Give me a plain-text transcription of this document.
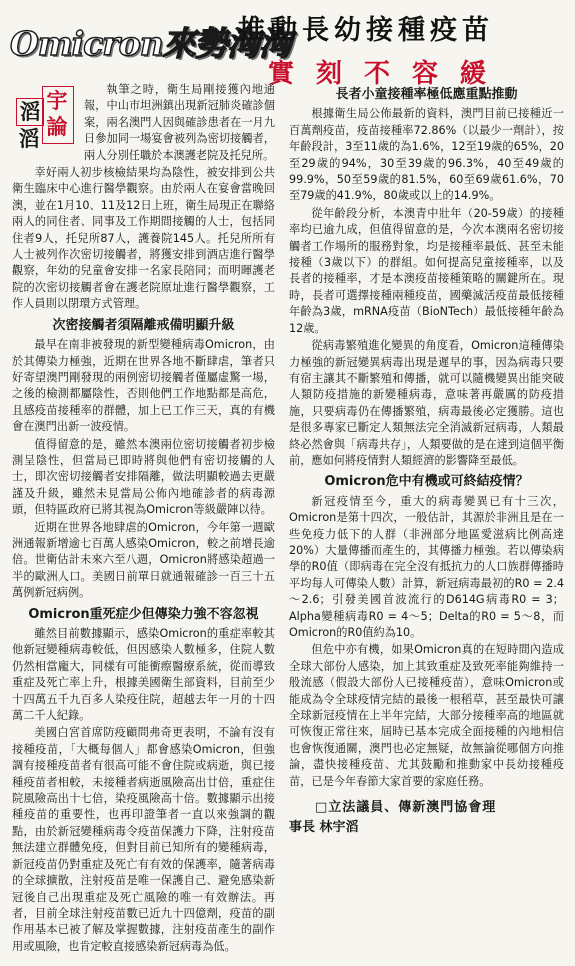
Omicron來勢洶洶
推動長幼接種疫苗
實刻不容緩
滔 宇
滔 論

執筆之時，衛生局剛接獲內地通報，中山市坦洲鎮出現新冠肺炎確診個案，兩名澳門人因與確診患者在一月九日參加同一場宴會被列為密切接觸者，兩人分別任職於本澳護老院及托兒所。

幸好兩人初步核檢結果均為陰性，被安排到公共衛生臨床中心進行醫學觀察。由於兩人在宴會當晚回澳，並在1月10、11及12日上班，衛生局現正在聯絡兩人的同住者、同事及工作期間接觸的人士，包括同住者9人，托兒所87人，護養院145人。托兒所所有人士被列作次密切接觸者，將獲安排到酒店進行醫學觀察，年幼的兒童會安排一名家長陪同；而明暉護老院的次密切接觸者會在護老院原址進行醫學觀察，工作人員則以閉環方式管理。

次密接觸者須隔離戒備明顯升級

最早在南非被發現的新型變種病毒Omicron，由於其傳染力極強，近期在世界各地不斷肆虐，筆者只好寄望澳門剛發現的兩例密切接觸者僅屬虛驚一場，之後的檢測都屬陰性，否則他們工作地點都是高危，且感疫苗接種率的群體，加上已工作三天，真的有機會在澳門出新一波疫情。

值得留意的是，雖然本澳兩位密切接觸者初步檢測呈陰性，但當局已即時將與他們有密切接觸的人士，即次密切接觸者安排隔離，做法明顯較過去更嚴謹及升級，雖然未見當局公佈內地確診者的病毒源頭，但特區政府已將其視為Omicron等級嚴陣以待。

近期在世界各地肆虐的Omicron，今年第一週歐洲通報新增逾七百萬人感染Omicron，較之前增長逾倍。世衛估計未來六至八週，Omicron將感染超過一半的歐洲人口。美國日前單日就通報確診一百三十五萬例新冠病例。

Omicron重死症少但傳染力強不容忽視

雖然目前數據顯示，感染Omicron的重症率較其他新冠變種病毒較低，但因感染人數極多，住院人數仍然相當龐大，同樣有可能衝瘵醫療系統，從而導致重症及死亡率上升，根據美國衛生部資料，目前至少十四萬五千九百多人染疫住院，超越去年一月的十四萬二千人紀錄。

美國白宮首席防疫顧問弗奇更表明，不論有沒有接種疫苗，「大概每個人」都會感染Omicron，但強調有接種疫苗者有很高可能不會住院或病逝，與已接種疫苗者相較，未接種者病逝風險高出廿倍，重症住院風險高出十七倍，染疫風險高十倍。數據顯示出接種疫苗的重要性，也再印證筆者一直以來強調的觀點，由於新冠變種病毒令疫苗保護力下降，注射疫苗無法建立群體免疫，但對目前已知所有的變種病毒，新冠疫苗仍對重症及死亡有有效的保護率，隨著病毒的全球擴散，注射疫苗是唯一保護自己、避免感染新冠後自己出現重症及死亡風險的唯一有效辦法。再者，目前全球注射疫苗數已近九十四億劑，疫苗的副作用基本已被了解及掌握數據，注射疫苗產生的副作用或風險，也肯定較直接感染新冠病毒為低。

長者小童接種率極低應重點推動

根據衛生局公佈最新的資料，澳門目前已接種近一百萬劑疫苗，疫苗接種率72.86%（以最少一劑計），按年齡段計，3至11歲的為1.6%，12至19歲的65%，20至29歲的94%，30至39歲的96.3%，40至49歲的99.9%，50至59歲的81.5%，60至69歲61.6%，70至79歲的41.9%，80歲或以上的14.9%。

從年齡段分析，本澳青中壯年（20-59歲）的接種率均已逾九成，但值得留意的是，今次本澳兩名密切接觸者工作場所的服務對象，均是接種率最低、甚至未能接種（3歲以下）的群組。如何提高兒童接種率，以及長者的接種率，才是本澳疫苗接種策略的關鍵所在。現時，長者可選擇接種兩種疫苗，國藥滅活疫苗最低接種年齡為3歲，mRNA疫苗（BioNTech）最低接種年齡為12歲。

從病毒繁殖進化變異的角度看，Omicron這種傳染力極強的新冠變異病毒出現是遲早的事，因為病毒只要有宿主讓其不斷繁殖和傳播，就可以隨機變異出能突破人類防疫措施的新變種病毒，意味著再嚴厲的防疫措施，只要病毒仍在傳播繁殖，病毒最後必定獲勝。這也是很多專家已斷定人類無法完全消滅新冠病毒，人類最終必然會與「病毒共存」，人類要做的是在達到這個平衡前，應如何將疫情對人類經濟的影響降至最低。

Omicron危中有機或可終結疫情？

新冠疫情至今，重大的病毒變異已有十三次，Omicron是第十四次，一般估計，其源於非洲且是在一些免疫力低下的人群（非洲部分地區愛滋病比例高達20%）大量傳播而產生的，其傳播力極強。若以傳染病學的R0值（即病毒在完全沒有抵抗力的人口族群傳播時平均每人可傳染人數）計算，新冠病毒最初的R0 = 2.4～2.6；引發美國首波流行的D614G病毒R0 = 3；Alpha變種病毒R0 = 4～5；Delta的R0 = 5～8，而Omicron的R0值約為10。

但危中亦有機，如果Omicron真的在短時間內造成全球大部份人感染，加上其致重症及致死率能夠維持一般流感（假設大部份人已接種疫苗），意味Omicron或能成為令全球疫情完結的最後一根稻草，甚至最快可讓全球新冠疫情在上半年完結，大部分接種率高的地區就可恢復正常往來，屆時已基本完成全面接種的內地相信也會恢復通關，澳門也必定無疑，故無論從哪個方向推論，盡快接種疫苗、尤其鼓勵和推動家中長幼接種疫苗，已是今年春節大家首要的家庭任務。

□立法議員、傳新澳門協會理
事長 林宇滔
